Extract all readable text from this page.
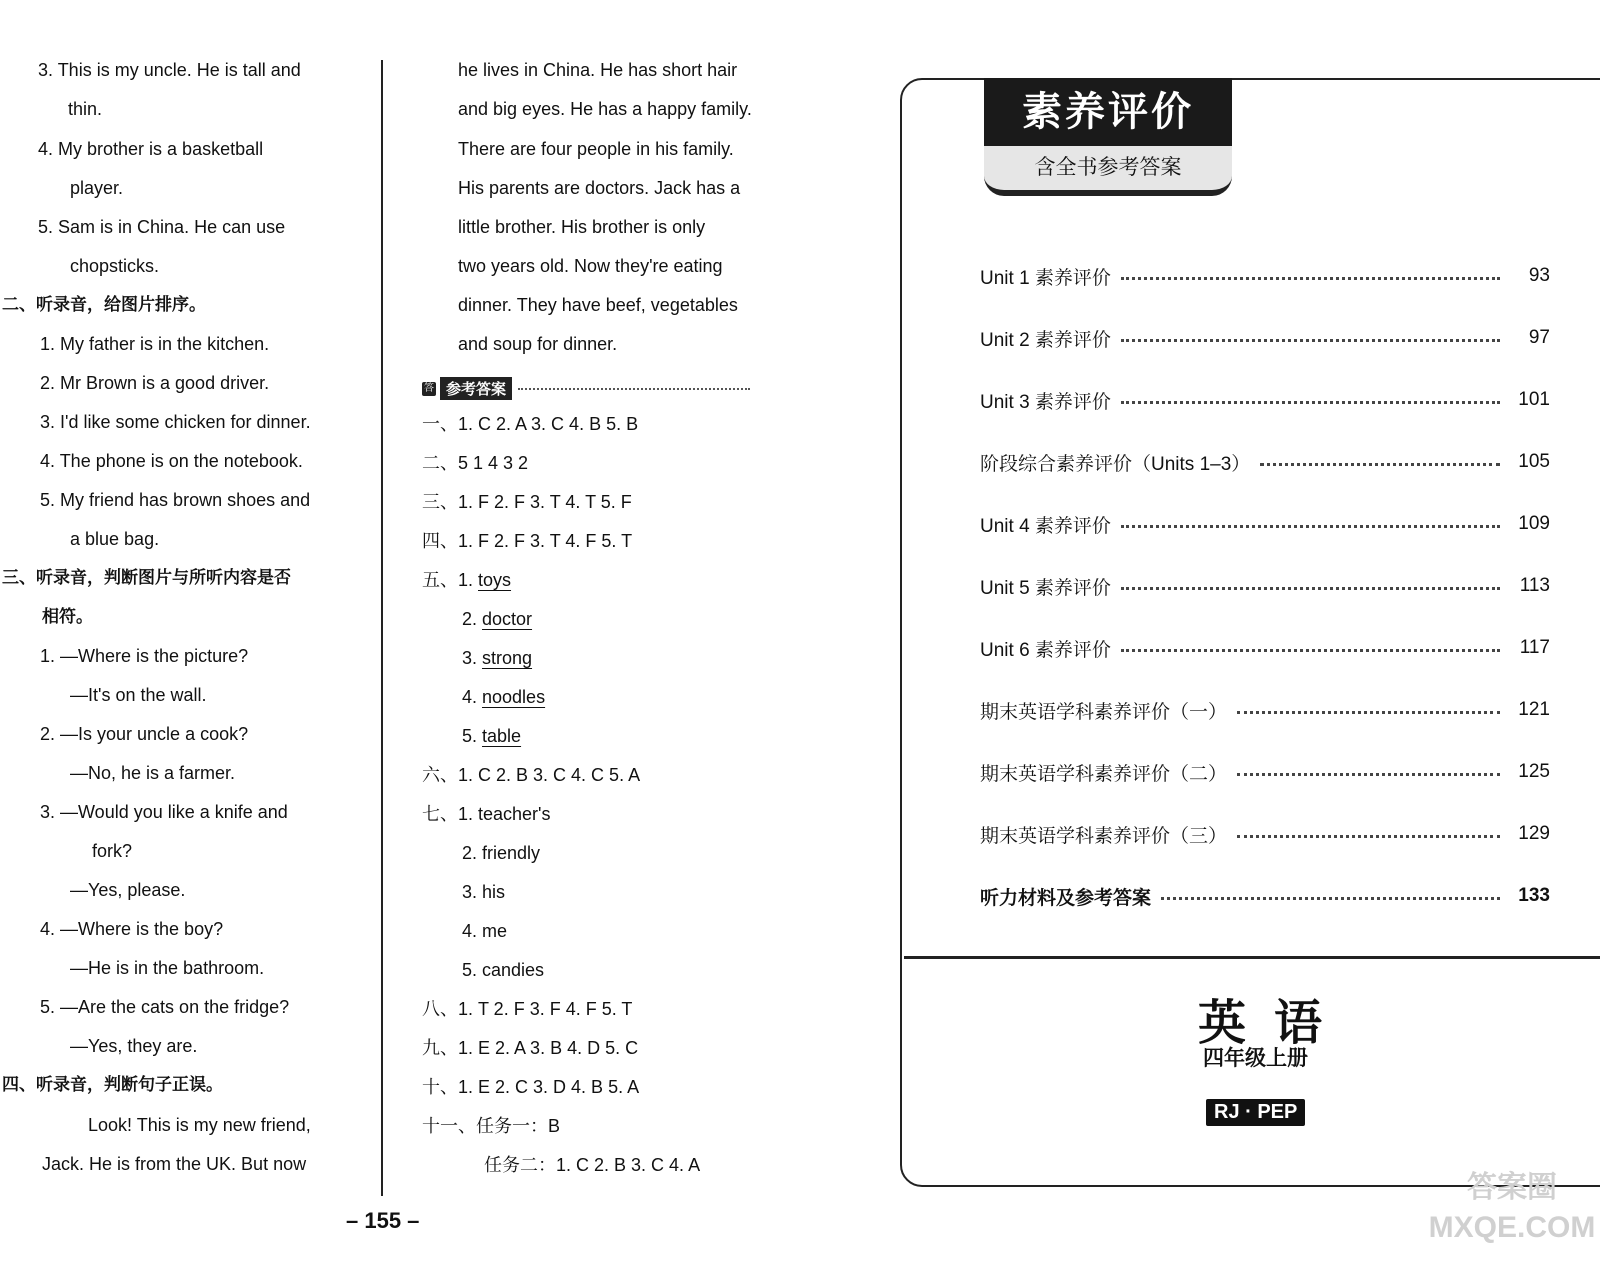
3. This is my uncle. He is tall and
thin.
4. My brother is a basketball
player.
5. Sam is in China. He can use
chopsticks.
二、听录音，给图片排序。
1. My father is in the kitchen.
2. Mr Brown is a good driver.
3. I'd like some chicken for dinner.
4. The phone is on the notebook.
5. My friend has brown shoes and
a blue bag.
三、听录音，判断图片与所听内容是否
相符。
1. —Where is the picture?
—It's on the wall.
2. —Is your uncle a cook?
—No, he is a farmer.
3. —Would you like a knife and
fork?
—Yes, please.
4. —Where is the boy?
—He is in the bathroom.
5. —Are the cats on the fridge?
—Yes, they are.
四、听录音，判断句子正误。
Look! This is my new friend,
Jack. He is from the UK. But now
he lives in China. He has short hair
and big eyes. He has a happy family.
There are four people in his family.
His parents are doctors. Jack has a
little brother. His brother is only
two years old. Now they're eating
dinner. They have beef, vegetables
and soup for dinner.
一、1. C 2. A 3. C 4. B 5. B
二、5 1 4 3 2
三、1. F 2. F 3. T 4. T 5. F
四、1. F 2. F 3. T 4. F 5. T
五、1. toys
2. doctor
3. strong
4. noodles
5. table
六、1. C 2. B 3. C 4. C 5. A
七、1. teacher's
2. friendly
3. his
4. me
5. candies
八、1. T 2. F 3. F 4. F 5. T
九、1. E 2. A 3. B 4. D 5. C
十、1. E 2. C 3. D 4. B 5. A
十一、任务一：B
任务二：1. C 2. B 3. C 4. A
答 参考答案
– 155 –
素养评价
含全书参考答案
Unit 1 素养评价	93
Unit 2 素养评价	97
Unit 3 素养评价	101
阶段综合素养评价（Units 1–3）	105
Unit 4 素养评价	109
Unit 5 素养评价	113
Unit 6 素养评价	117
期末英语学科素养评价（一）	121
期末英语学科素养评价（二）	125
期末英语学科素养评价（三）	129
听力材料及参考答案	133
英语
四年级上册
RJ · PEP
答案圈 MXQE.COM
